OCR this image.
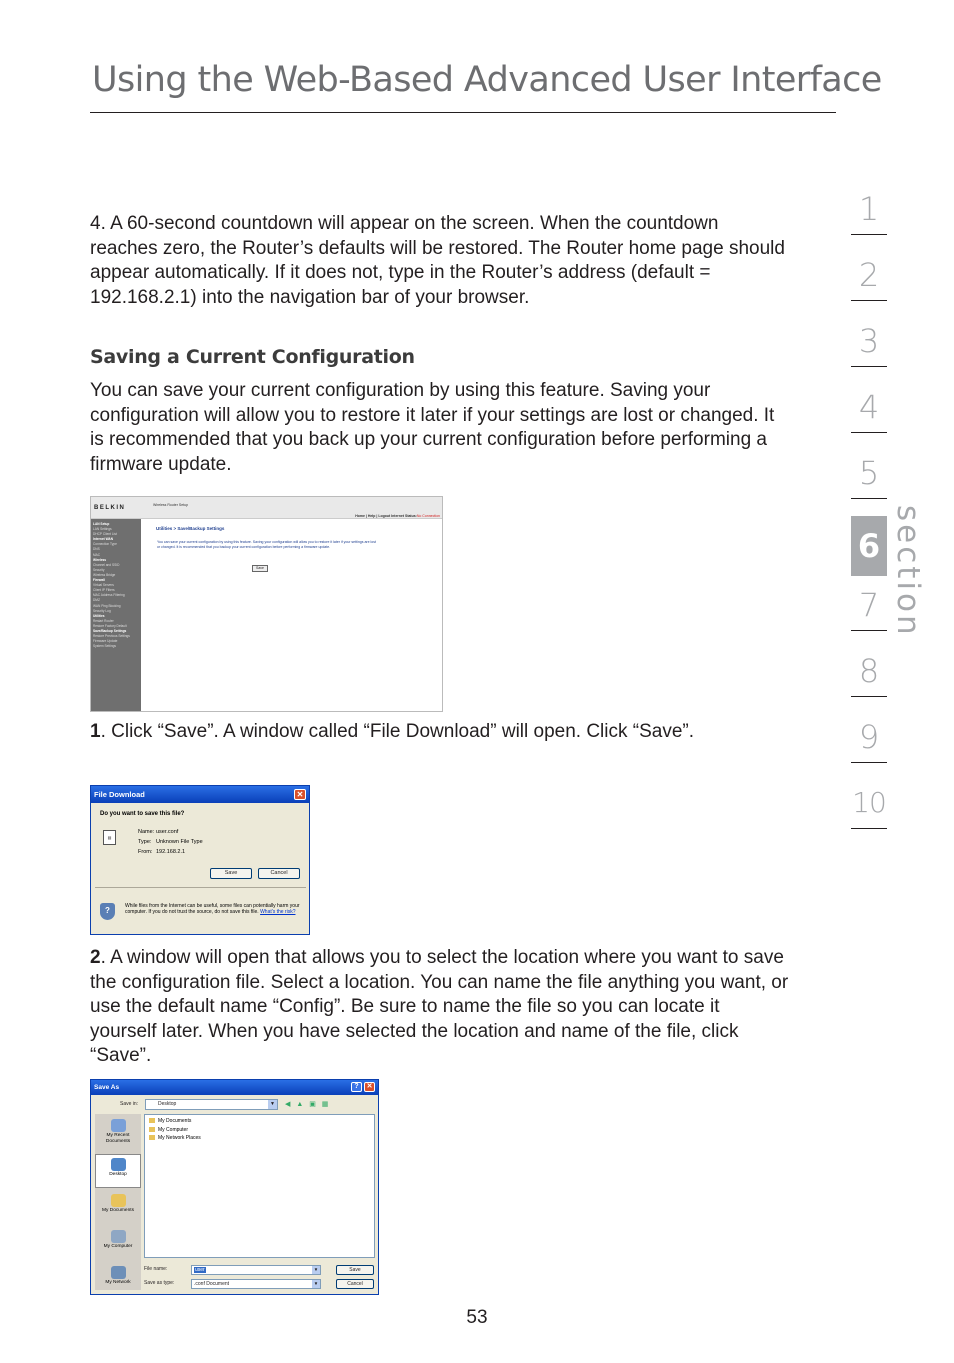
Using the Web-Based Advanced User Interface

4. A 60-second countdown will appear on the screen. When the countdown reaches zero, the Router’s defaults will be restored. The Router home page should appear automatically. If it does not, type in the Router’s address (default = 192.168.2.1) into the navigation bar of your browser.

Saving a Current Configuration

You can save your current configuration by using this feature. Saving your configuration will allow you to restore it later if your settings are lost or changed. It is recommended that you back up your current configuration before performing a firmware update.

BELKIN	Wireless Router Setup
Home | Help | Logout Internet Status:No Connection
LAN Setup
LAN Settings
DHCP Client List
Internet WAN
Connection Type
DNS
MAC
Wireless
Channel and SSID
Security
Wireless Bridge
Firewall
Virtual Servers
Client IP Filters
MAC Address Filtering
DMZ
WAN Ping Blocking
Security Log
Utilities
Restart Router
Restore Factory Default
Save/Backup Settings
Restore Previous Settings
Firmware Update
System Settings
Utilities > Save/Backup Settings
You can save your current configuration by using this feature. Saving your configuration will allow you to restore it later if your settings are lost or changed. It is recommended that you backup your current configuration before performing a firmware update.
Save

1. Click “Save”. A window called “File Download” will open. Click “Save”.

File Download	✕
Do you want to save this file?
▤
Name: user.conf
Type: Unknown File Type
From: 192.168.2.1
Save	Cancel
?	While files from the Internet can be useful, some files can potentially harm your computer. If you do not trust the source, do not save this file. What's the risk?

2. A window will open that allows you to select the location where you want to save the configuration file. Select a location. You can name the file anything you want, or use the default name “Config”. Be sure to name the file so you can locate it yourself later. When you have selected the location and name of the file, click “Save”.

Save As	?	✕
Save in:	Desktop	▼ ◀ ▲ ▣ ▦
My Recent Documents
Desktop
My Documents
My Computer
My Network
My Documents
My Computer
My Network Places
File name:	user	▼
Save as type:	.conf Document	▼
Save
Cancel
1
2
3
4
5
6
7
8
9
10
section
53
